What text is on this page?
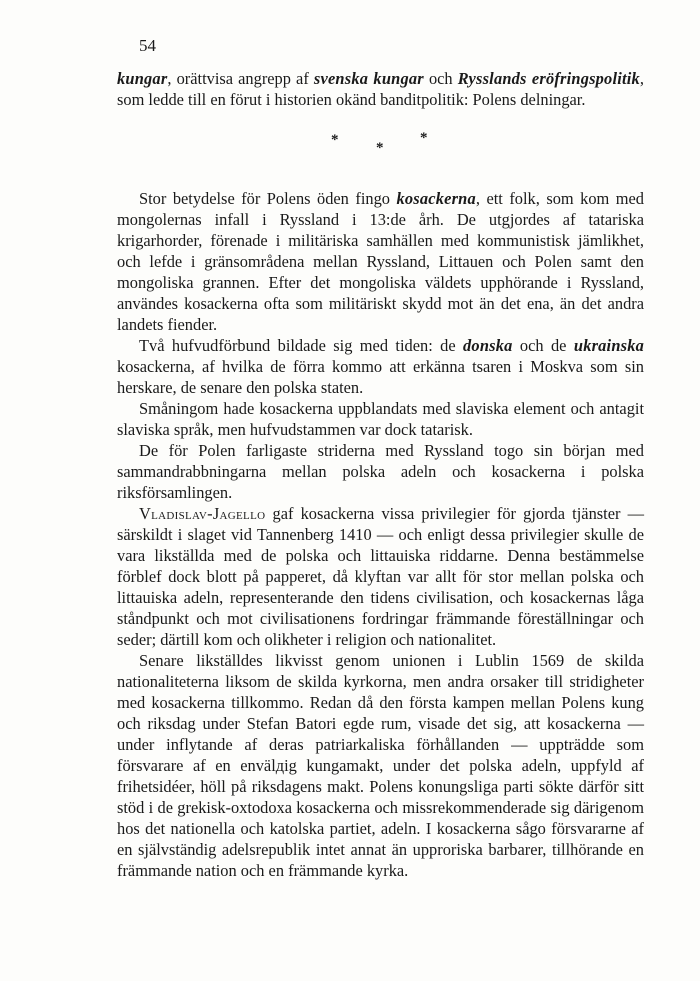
54

kungar, orättvisa angrepp af svenska kungar och Rysslands eröfringspolitik, som ledde till en förut i historien okänd banditpolitik: Polens delningar.

*	*
*

Stor betydelse för Polens öden fingo kosackerna, ett folk, som kom med mongolernas infall i Ryssland i 13:de årh. De utgjordes af tatariska krigarhorder, förenade i militäriska samhällen med kommunistisk jämlikhet, och lefde i gränsområdena mellan Ryssland, Littauen och Polen samt den mongoliska grannen. Efter det mongoliska väldets upphörande i Ryssland, användes kosackerna ofta som militäriskt skydd mot än det ena, än det andra landets fiender.

Två hufvudförbund bildade sig med tiden: de donska och de ukrainska kosackerna, af hvilka de förra kommo att erkänna tsaren i Moskva som sin herskare, de senare den polska staten.

Småningom hade kosackerna uppblandats med slaviska element och antagit slaviska språk, men hufvudstammen var dock tatarisk.

De för Polen farligaste striderna med Ryssland togo sin början med sammandrabbningarna mellan polska adeln och kosackerna i polska riksförsamlingen.

Vladislav-Jagello gaf kosackerna vissa privilegier för gjorda tjänster — särskildt i slaget vid Tannenberg 1410 — och enligt dessa privilegier skulle de vara likställda med de polska och littauiska riddarne. Denna bestämmelse förblef dock blott på papperet, då klyftan var allt för stor mellan polska och littauiska adeln, representerande den tidens civilisation, och kosackernas låga ståndpunkt och mot civilisationens fordringar främmande föreställningar och seder; därtill kom och olikheter i religion och nationalitet.

Senare likställdes likvisst genom unionen i Lublin 1569 de skilda nationaliteterna liksom de skilda kyrkorna, men andra orsaker till stridigheter med kosackerna tillkommo. Redan då den första kampen mellan Polens kung och riksdag under Stefan Batori egde rum, visade det sig, att kosackerna — under inflytande af deras patriarkaliska förhållanden — uppträdde som försvarare af en envälдig kungamakt, under det polska adeln, uppfyld af frihetsidéer, höll på riksdagens makt. Polens konungsliga parti sökte därför sitt stöd i de grekisk-oxtodoxa kosackerna och missrekommenderade sig därigenom hos det nationella och katolska partiet, adeln. I kosackerna sågo försvararne af en självständig adelsrepublik intet annat än upproriska barbarer, tillhörande en främmande nation och en främmande kyrka.
